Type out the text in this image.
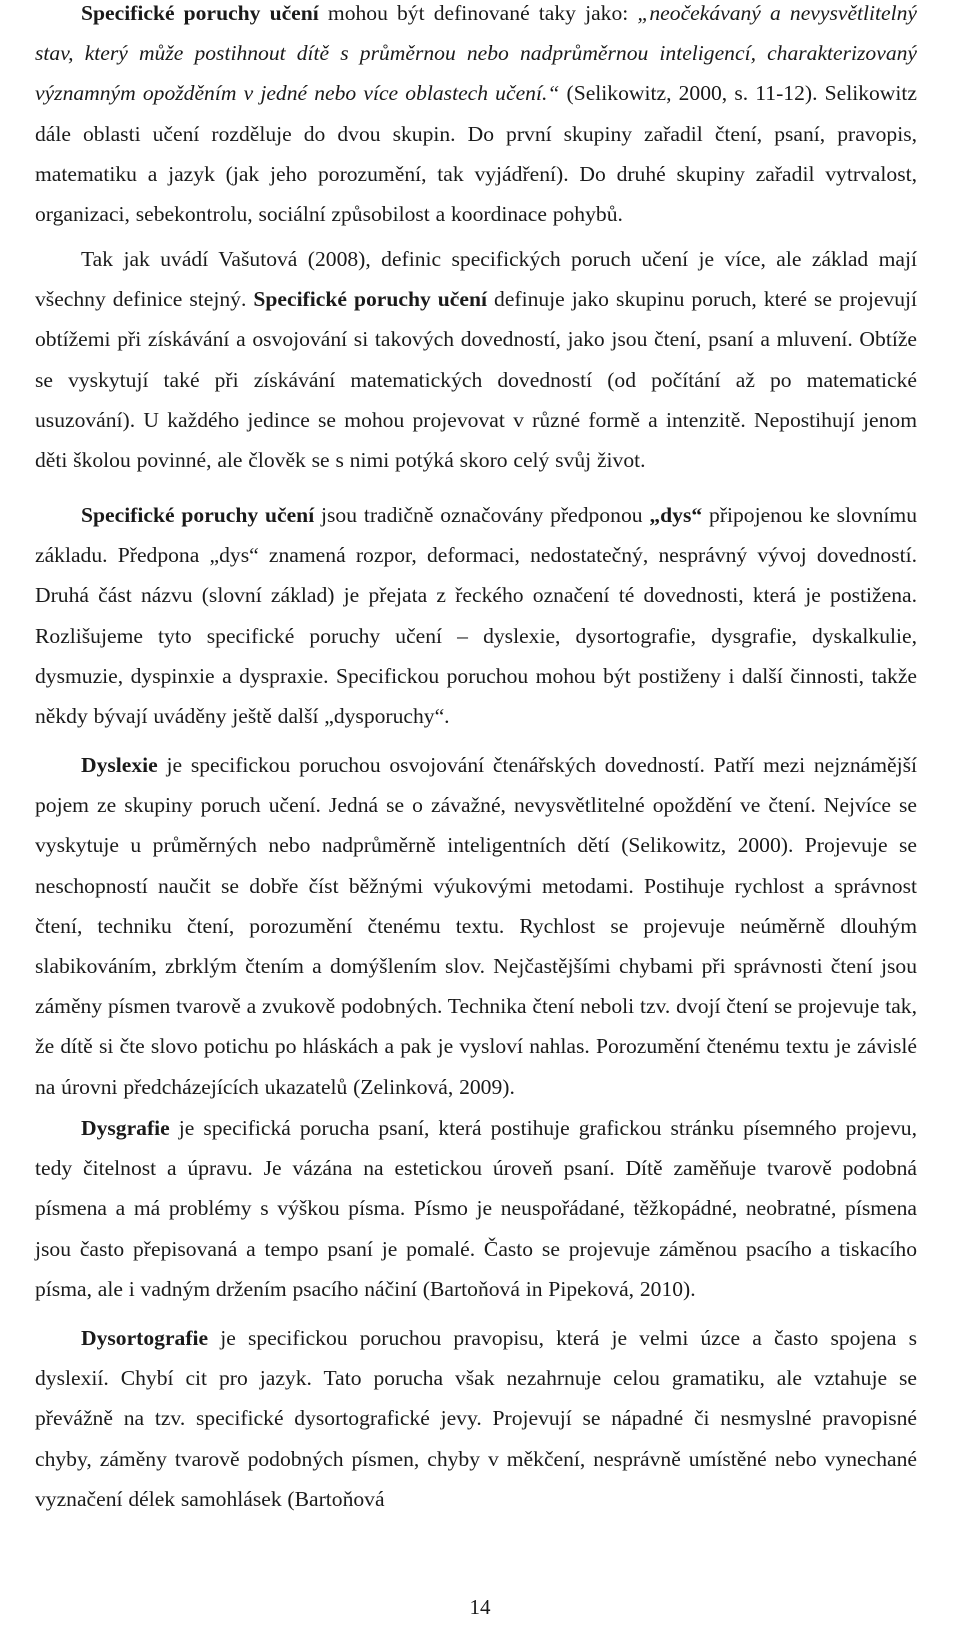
Specifické poruchy učení mohou být definované taky jako: „neočekávaný a nevysvětlitelný stav, který může postihnout dítě s průměrnou nebo nadprůměrnou inteligencí, charakterizovaný významným opožděním v jedné nebo více oblastech učení.“ (Selikowitz, 2000, s. 11-12). Selikowitz dále oblasti učení rozděluje do dvou skupin. Do první skupiny zařadil čtení, psaní, pravopis, matematiku a jazyk (jak jeho porozumění, tak vyjádření). Do druhé skupiny zařadil vytrvalost, organizaci, sebekontrolu, sociální způsobilost a koordinace pohybů.

Tak jak uvádí Vašutová (2008), definic specifických poruch učení je více, ale základ mají všechny definice stejný. Specifické poruchy učení definuje jako skupinu poruch, které se projevují obtížemi při získávání a osvojování si takových dovedností, jako jsou čtení, psaní a mluvení. Obtíže se vyskytují také při získávání matematických dovedností (od počítání až po matematické usuzování). U každého jedince se mohou projevovat v různé formě a intenzitě. Nepostihují jenom děti školou povinné, ale člověk se s nimi potýká skoro celý svůj život.

Specifické poruchy učení jsou tradičně označovány předponou „dys“ připojenou ke slovnímu základu. Předpona „dys“ znamená rozpor, deformaci, nedostatečný, nesprávný vývoj dovedností. Druhá část názvu (slovní základ) je přejata z řeckého označení té dovednosti, která je postižena. Rozlišujeme tyto specifické poruchy učení – dyslexie, dysortografie, dysgrafie, dyskalkulie, dysmuzie, dyspinxie a dyspraxie. Specifickou poruchou mohou být postiženy i další činnosti, takže někdy bývají uváděny ještě další „dysporuchy“.

Dyslexie je specifickou poruchou osvojování čtenářských dovedností. Patří mezi nejznámější pojem ze skupiny poruch učení. Jedná se o závažné, nevysvětlitelné opoždění ve čtení. Nejvíce se vyskytuje u průměrných nebo nadprůměrně inteligentních dětí (Selikowitz, 2000). Projevuje se neschopností naučit se dobře číst běžnými výukovými metodami. Postihuje rychlost a správnost čtení, techniku čtení, porozumění čtenému textu. Rychlost se projevuje neúměrně dlouhým slabikováním, zbrklým čtením a domýšlením slov. Nejčastějšími chybami při správnosti čtení jsou záměny písmen tvarově a zvukově podobných. Technika čtení neboli tzv. dvojí čtení se projevuje tak, že dítě si čte slovo potichu po hláskách a pak je vysloví nahlas. Porozumění čtenému textu je závislé na úrovni předcházejících ukazatelů (Zelinková, 2009).

Dysgrafie je specifická porucha psaní, která postihuje grafickou stránku písemného projevu, tedy čitelnost a úpravu. Je vázána na estetickou úroveň psaní. Dítě zaměňuje tvarově podobná písmena a má problémy s výškou písma. Písmo je neuspořádané, těžkopádné, neobratné, písmena jsou často přepisovaná a tempo psaní je pomalé. Často se projevuje záměnou psacího a tiskacího písma, ale i vadným držením psacího náčiní (Bartoňová in Pipeková, 2010).

Dysortografie je specifickou poruchou pravopisu, která je velmi úzce a často spojena s dyslexií. Chybí cit pro jazyk. Tato porucha však nezahrnuje celou gramatiku, ale vztahuje se převážně na tzv. specifické dysortografické jevy. Projevují se nápadné či nesmyslné pravopisné chyby, záměny tvarově podobných písmen, chyby v měkčení, nesprávně umístěné nebo vynechané vyznačení délek samohlásek (Bartoňová

14
